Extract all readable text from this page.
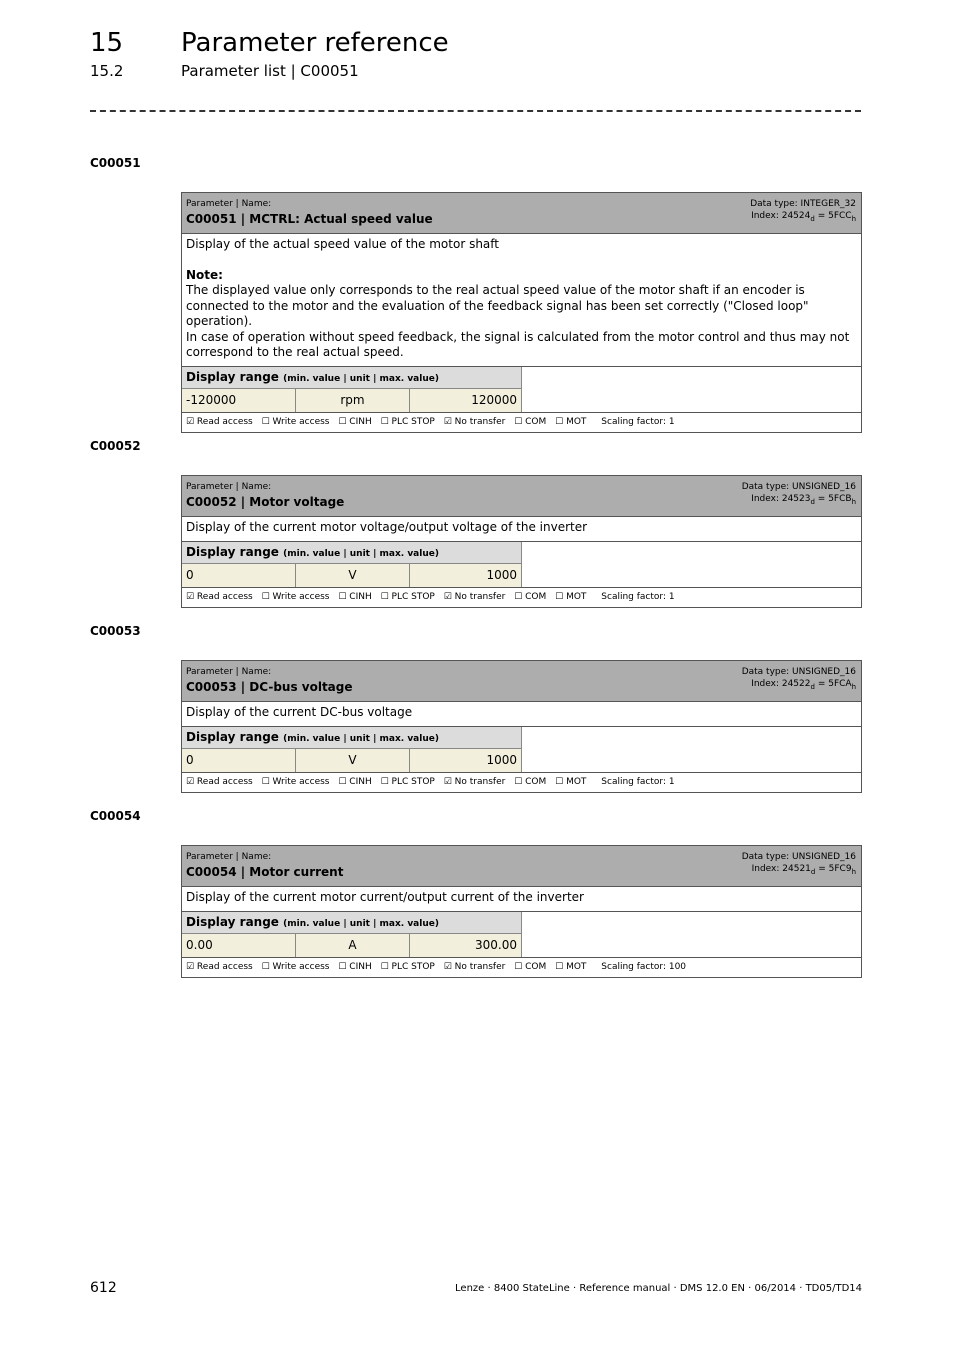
15 Parameter reference
15.2	Parameter list | C00051
C00051
Parameter | Name:
C00051 | MCTRL: Actual speed value
Data type: INTEGER_32
Index: $24524_d = 5FCC_h$

Display of the actual speed value of the motor shaft

Note:

The displayed value only corresponds to the real actual speed value of the motor shaft if an encoder is connected to the motor and the evaluation of the feedback signal has been set correctly ("Closed loop" operation).

In case of operation without speed feedback, the signal is calculated from the motor control and thus may not correspond to the real actual speed.

Display range (min. value | unit | max. value)
-120000	rpm	120000
☑ Read access ☐ Write access ☐ CINH ☐ PLC STOP ☑ No transfer ☐ COM ☐ MOT Scaling factor: 1
C00052
Parameter | Name:
C00052 | Motor voltage
Data type: UNSIGNED_16
Index: $24523_d = 5FCB_h$

Display of the current motor voltage/output voltage of the inverter

Display range (min. value | unit | max. value)
0	V	1000
☑ Read access ☐ Write access ☐ CINH ☐ PLC STOP ☑ No transfer ☐ COM ☐ MOT Scaling factor: 1
C00053
Parameter | Name:
C00053 | DC-bus voltage
Data type: UNSIGNED_16
Index: $24522_d = 5FCA_h$

Display of the current DC-bus voltage

Display range (min. value | unit | max. value)
0	V	1000
☑ Read access ☐ Write access ☐ CINH ☐ PLC STOP ☑ No transfer ☐ COM ☐ MOT Scaling factor: 1
C00054
Parameter | Name:
C00054 | Motor current
Data type: UNSIGNED_16
Index: $24521_d = 5FC9_h$

Display of the current motor current/output current of the inverter

Display range (min. value | unit | max. value)
0.00	A	300.00
☑ Read access ☐ Write access ☐ CINH ☐ PLC STOP ☑ No transfer ☐ COM ☐ MOT Scaling factor: 100
612	Lenze · 8400 StateLine · Reference manual · DMS 12.0 EN · 06/2014 · TD05/TD14
